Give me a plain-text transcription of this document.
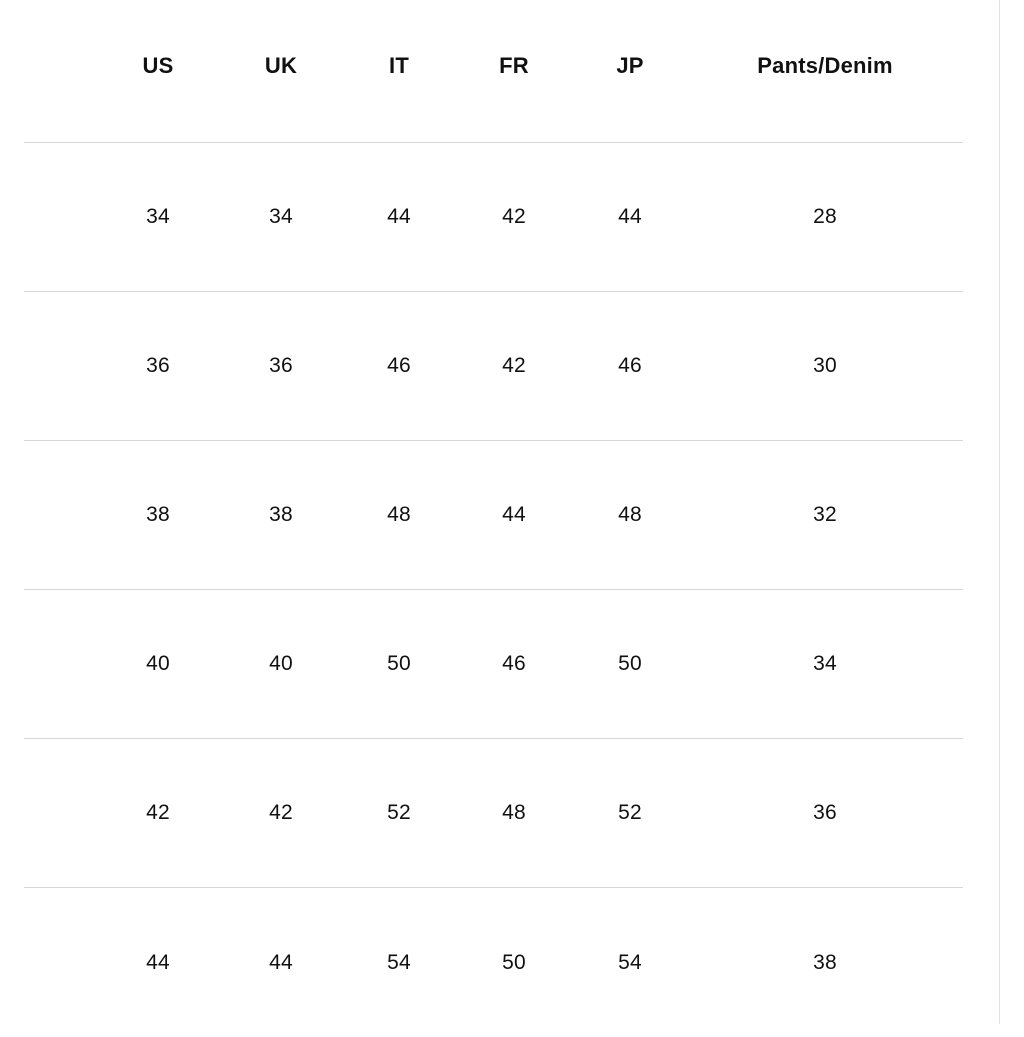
US	UK	IT	FR	JP	Pants/Denim
34	34	44	42	44	28
36	36	46	42	46	30
38	38	48	44	48	32
40	40	50	46	50	34
42	42	52	48	52	36
44	44	54	50	54	38
